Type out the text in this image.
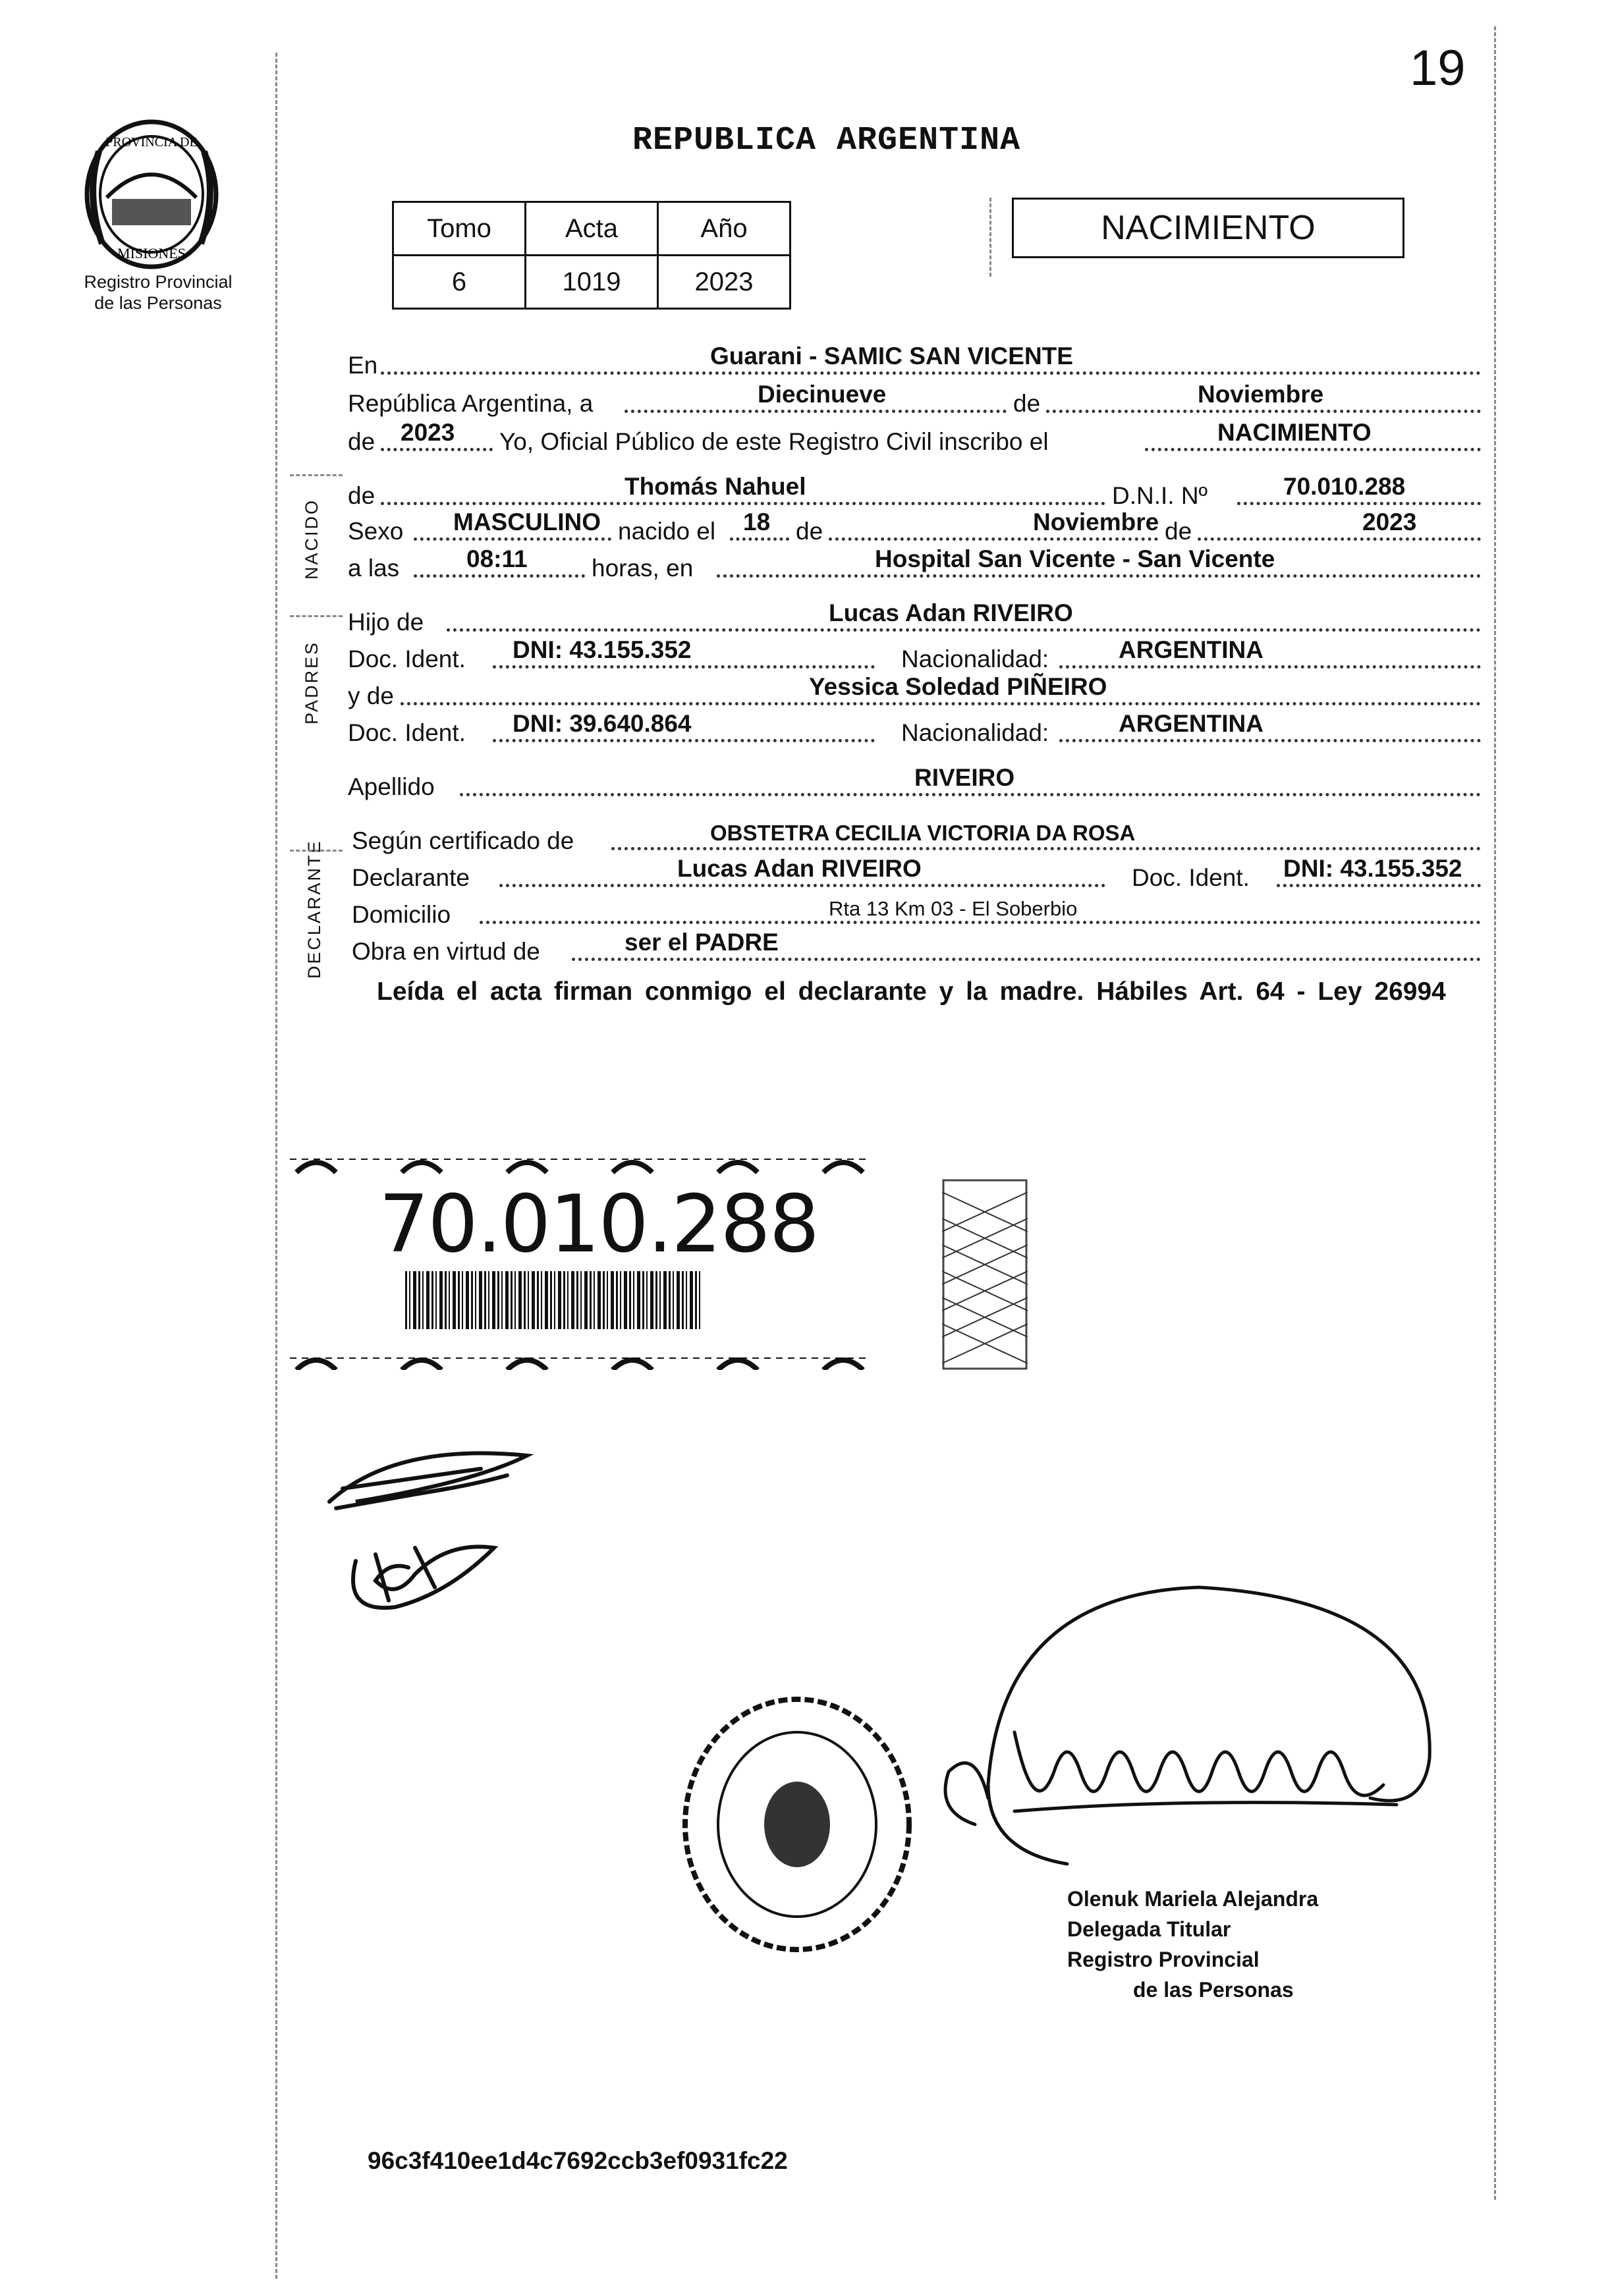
19
PROVINCIA DE
MISIONES
Registro Provincial
de las Personas
REPUBLICA ARGENTINA
Tomo	Acta	Año
6	1019	2023
NACIMIENTO
NACIDO
PADRES
DECLARANTE
En	Guarani - SAMIC SAN VICENTE
República Argentina, a	Diecinueve	de	Noviembre
de 2023 Yo, Oficial Público de este Registro Civil inscribo el	NACIMIENTO
de	Thomás Nahuel	D.N.I. Nº	70.010.288
Sexo MASCULINO nacido el 18 de	Noviembre de	2023
a las	08:11	horas, en	Hospital San Vicente - San Vicente
Hijo de	Lucas Adan RIVEIRO
Doc. Ident. DNI: 43.155.352	Nacionalidad:	ARGENTINA
y de	Yessica Soledad PIÑEIRO
Doc. Ident. DNI: 39.640.864	Nacionalidad:	ARGENTINA
Apellido	RIVEIRO
Según certificado de	OBSTETRA CECILIA VICTORIA DA ROSA
Declarante	Lucas Adan RIVEIRO	Doc. Ident. DNI: 43.155.352
Domicilio	Rta 13 Km 03 - El Soberbio
Obra en virtud de	ser el PADRE
Leída el acta firman conmigo el declarante y la madre. Hábiles Art. 64 - Ley 26994
70.010.288
Olenuk Mariela Alejandra
Delegada Titular
Registro Provincial
de las Personas
96c3f410ee1d4c7692ccb3ef0931fc22
